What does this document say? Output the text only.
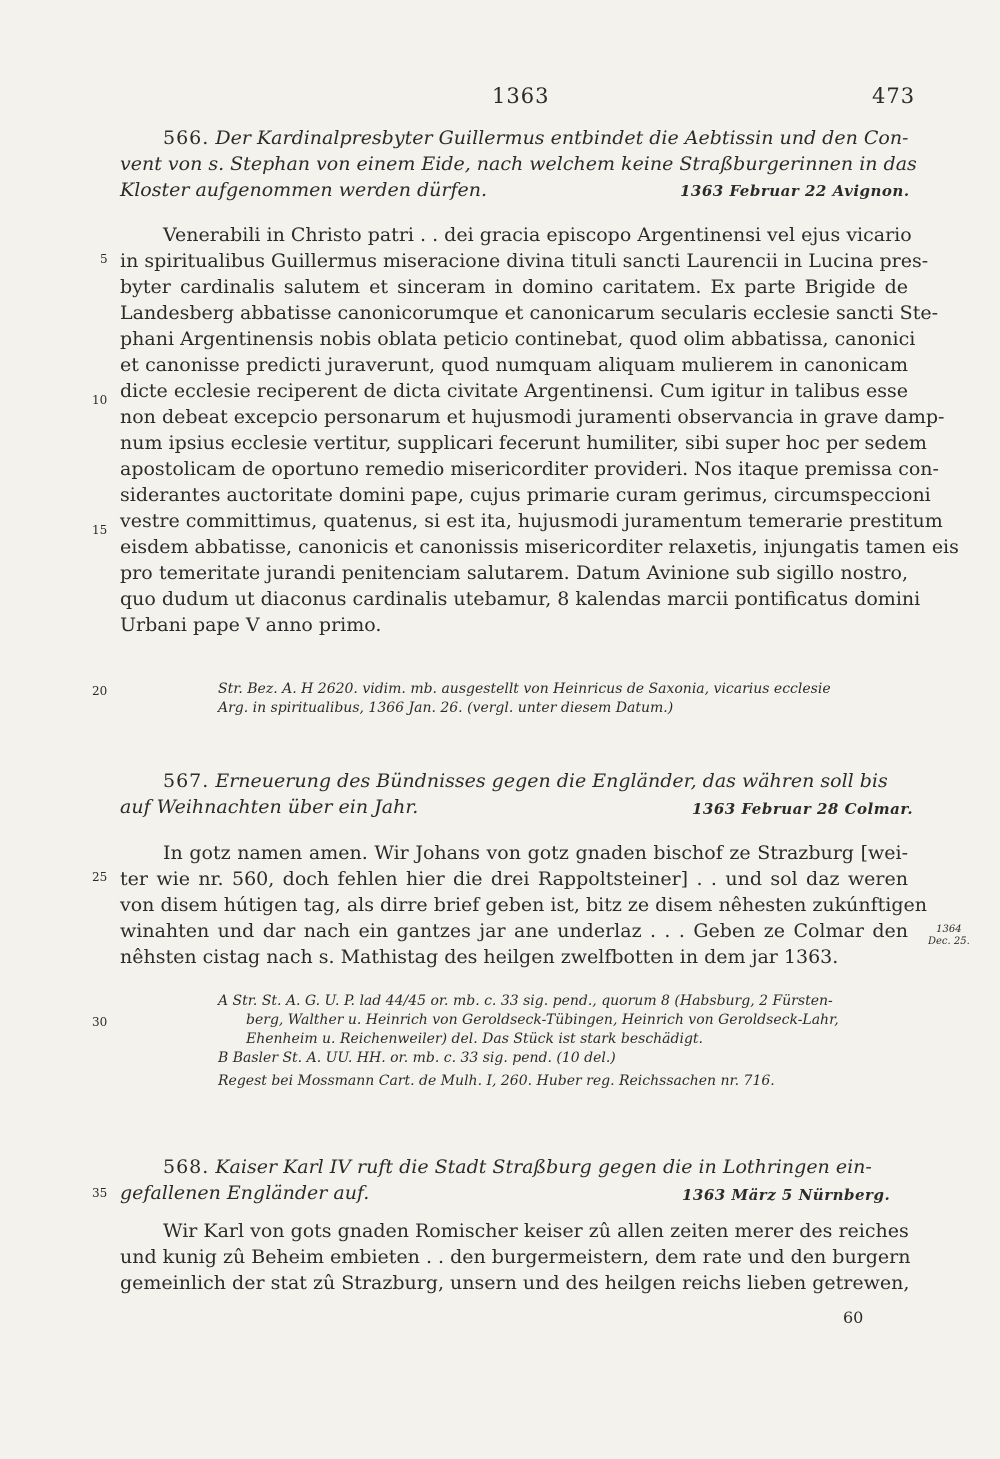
1363	473
566. Der Kardinalpresbyter Guillermus entbindet die Aebtissin und den Con-
vent von s. Stephan von einem Eide, nach welchem keine Straßburgerinnen in das
Kloster aufgenommen werden dürfen.	1363 Februar 22 Avignon.
Venerabili in Christo patri . . dei gracia episcopo Argentinensi vel ejus vicario
in spiritualibus Guillermus miseracione divina tituli sancti Laurencii in Lucina pres-
byter cardinalis salutem et sinceram in domino caritatem. Ex parte Brigide de
Landesberg abbatisse canonicorumque et canonicarum secularis ecclesie sancti Ste-
phani Argentinensis nobis oblata peticio continebat, quod olim abbatissa, canonici
et canonisse predicti juraverunt, quod numquam aliquam mulierem in canonicam
dicte ecclesie reciperent de dicta civitate Argentinensi. Cum igitur in talibus esse
non debeat excepcio personarum et hujusmodi juramenti observancia in grave damp-
num ipsius ecclesie vertitur, supplicari fecerunt humiliter, sibi super hoc per sedem
apostolicam de oportuno remedio misericorditer provideri. Nos itaque premissa con-
siderantes auctoritate domini pape, cujus primarie curam gerimus, circumspeccioni
vestre committimus, quatenus, si est ita, hujusmodi juramentum temerarie prestitum
eisdem abbatisse, canonicis et canonissis misericorditer relaxetis, injungatis tamen eis
pro temeritate jurandi penitenciam salutarem. Datum Avinione sub sigillo nostro,
quo dudum ut diaconus cardinalis utebamur, 8 kalendas marcii pontificatus domini
Urbani pape V anno primo.
Str. Bez. A. H 2620. vidim. mb. ausgestellt von Heinricus de Saxonia, vicarius ecclesie
Arg. in spiritualibus, 1366 Jan. 26. (vergl. unter diesem Datum.)
567. Erneuerung des Bündnisses gegen die Engländer, das währen soll bis
auf Weihnachten über ein Jahr.	1363 Februar 28 Colmar.
In gotz namen amen. Wir Johans von gotz gnaden bischof ze Strazburg [wei-
ter wie nr. 560, doch fehlen hier die drei Rappoltsteiner] . . und sol daz weren
von disem hútigen tag, als dirre brief geben ist, bitz ze disem nêhesten zukúnftigen
winahten und dar nach ein gantzes jar ane underlaz . . . Geben ze Colmar den
nêhsten cistag nach s. Mathistag des heilgen zwelfbotten in dem jar 1363.
1364
Dec. 25.
A Str. St. A. G. U. P. lad 44/45 or. mb. c. 33 sig. pend., quorum 8 (Habsburg, 2 Fürsten-
berg, Walther u. Heinrich von Geroldseck-Tübingen, Heinrich von Geroldseck-Lahr,
Ehenheim u. Reichenweiler) del. Das Stück ist stark beschädigt.
B Basler St. A. UU. HH. or. mb. c. 33 sig. pend. (10 del.)
Regest bei Mossmann Cart. de Mulh. I, 260. Huber reg. Reichssachen nr. 716.
568. Kaiser Karl IV ruft die Stadt Straßburg gegen die in Lothringen ein-
gefallenen Engländer auf.	1363 März 5 Nürnberg.
Wir Karl von gots gnaden Romischer keiser zû allen zeiten merer des reiches
und kunig zû Beheim embieten . . den burgermeistern, dem rate und den burgern
gemeinlich der stat zû Strazburg, unsern und des heilgen reichs lieben getrewen,
5
10
15
20
25
30
35
60
